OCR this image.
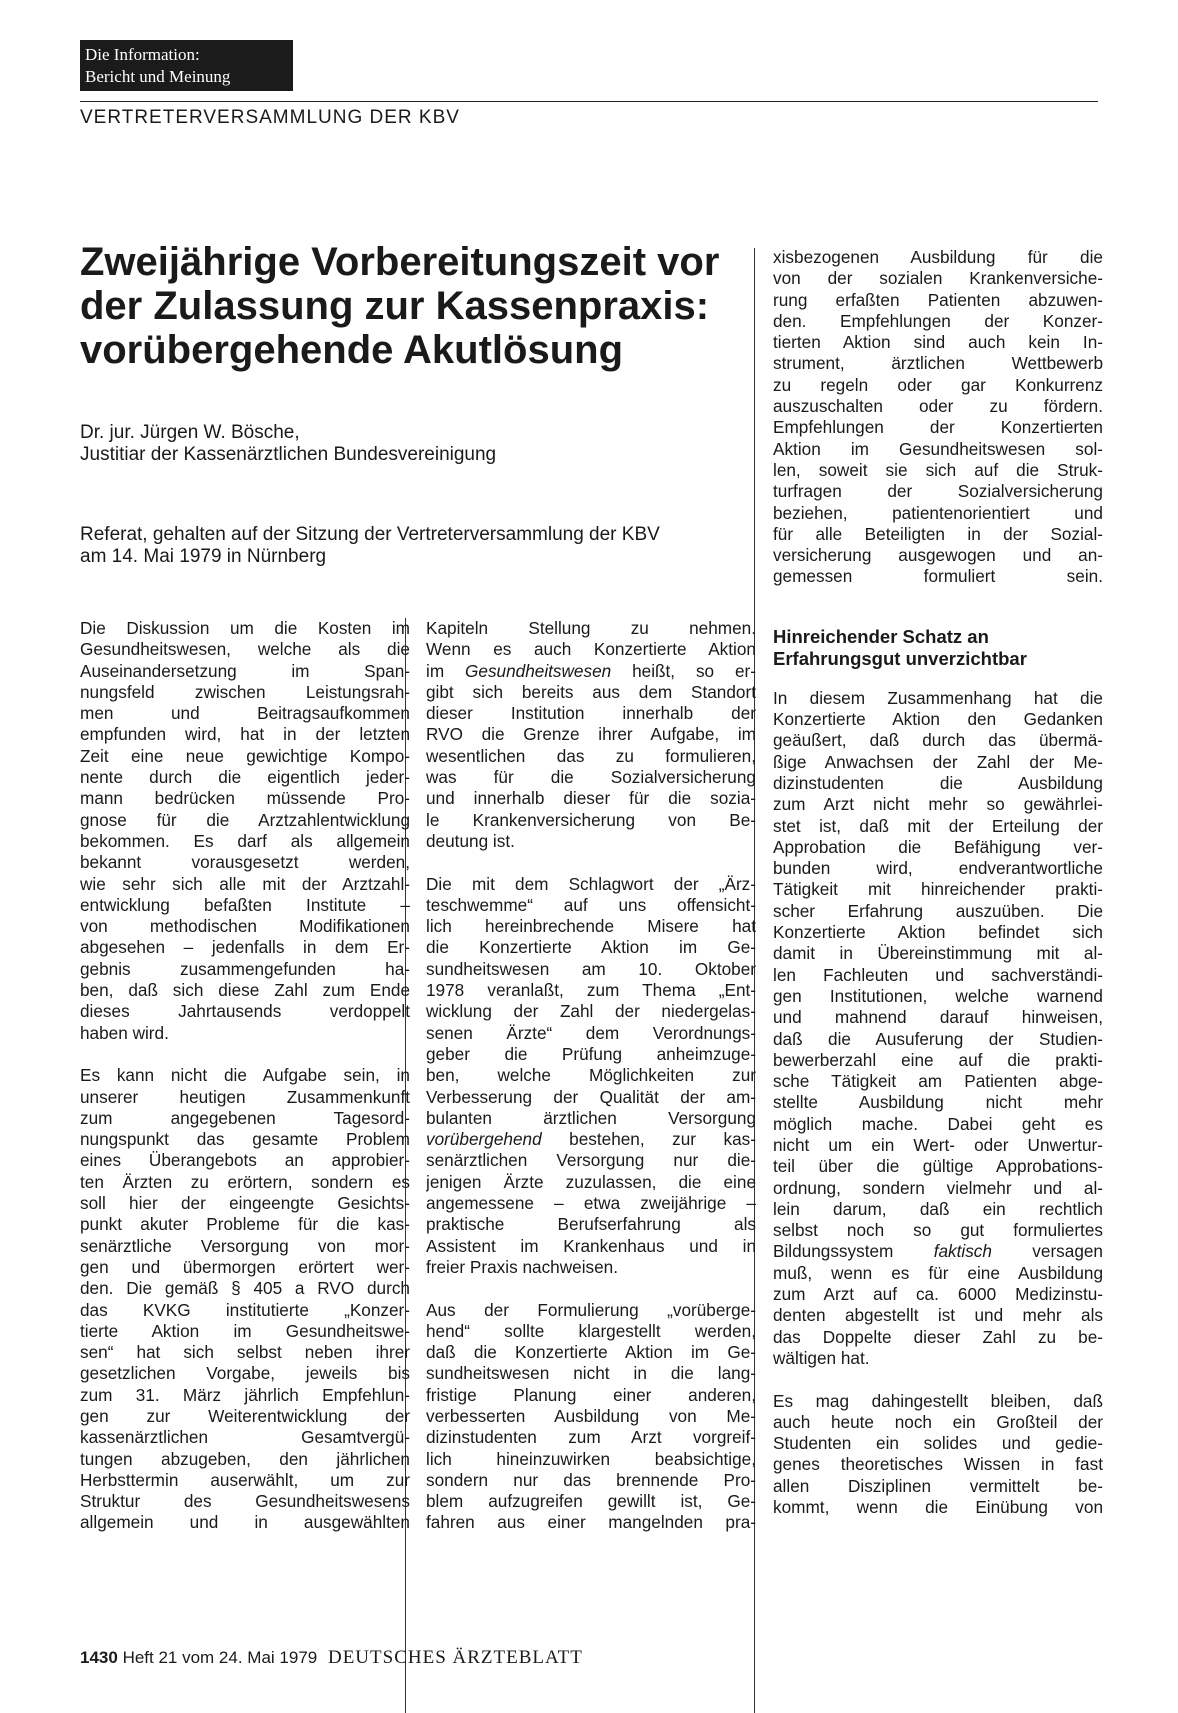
Die Information:
Bericht und Meinung
VERTRETERVERSAMMLUNG DER KBV
Zweijährige Vorbereitungszeit vor
der Zulassung zur Kassenpraxis:
vorübergehende Akutlösung
Dr. jur. Jürgen W. Bösche,
Justitiar der Kassenärztlichen Bundesvereinigung
Referat, gehalten auf der Sitzung der Vertreterversammlung der KBV
am 14. Mai 1979 in Nürnberg
Die Diskussion um die Kosten im
Gesundheitswesen, welche als die
Auseinandersetzung im Span-
nungsfeld zwischen Leistungsrah-
men und Beitragsaufkommen
empfunden wird, hat in der letzten
Zeit eine neue gewichtige Kompo-
nente durch die eigentlich jeder-
mann bedrücken müssende Pro-
gnose für die Arztzahlentwicklung
bekommen. Es darf als allgemein
bekannt vorausgesetzt werden,
wie sehr sich alle mit der Arztzahl-
entwicklung befaßten Institute –
von methodischen Modifikationen
abgesehen – jedenfalls in dem Er-
gebnis zusammengefunden ha-
ben, daß sich diese Zahl zum Ende
dieses Jahrtausends verdoppelt
haben wird.
Es kann nicht die Aufgabe sein, in
unserer heutigen Zusammenkunft
zum angegebenen Tagesord-
nungspunkt das gesamte Problem
eines Überangebots an approbier-
ten Ärzten zu erörtern, sondern es
soll hier der eingeengte Gesichts-
punkt akuter Probleme für die kas-
senärztliche Versorgung von mor-
gen und übermorgen erörtert wer-
den. Die gemäß § 405 a RVO durch
das KVKG institutierte „Konzer-
tierte Aktion im Gesundheitswe-
sen“ hat sich selbst neben ihrer
gesetzlichen Vorgabe, jeweils bis
zum 31. März jährlich Empfehlun-
gen zur Weiterentwicklung der
kassenärztlichen Gesamtvergü-
tungen abzugeben, den jährlichen
Herbsttermin auserwählt, um zur
Struktur des Gesundheitswesens
allgemein und in ausgewählten
Kapiteln Stellung zu nehmen.
Wenn es auch Konzertierte Aktion
im Gesundheitswesen heißt, so er-
gibt sich bereits aus dem Standort
dieser Institution innerhalb der
RVO die Grenze ihrer Aufgabe, im
wesentlichen das zu formulieren,
was für die Sozialversicherung
und innerhalb dieser für die sozia-
le Krankenversicherung von Be-
deutung ist.
Die mit dem Schlagwort der „Ärz-
teschwemme“ auf uns offensicht-
lich hereinbrechende Misere hat
die Konzertierte Aktion im Ge-
sundheitswesen am 10. Oktober
1978 veranlaßt, zum Thema „Ent-
wicklung der Zahl der niedergelas-
senen Ärzte“ dem Verordnungs-
geber die Prüfung anheimzuge-
ben, welche Möglichkeiten zur
Verbesserung der Qualität der am-
bulanten ärztlichen Versorgung
vorübergehend bestehen, zur kas-
senärztlichen Versorgung nur die-
jenigen Ärzte zuzulassen, die eine
angemessene – etwa zweijährige –
praktische Berufserfahrung als
Assistent im Krankenhaus und in
freier Praxis nachweisen.
Aus der Formulierung „vorüberge-
hend“ sollte klargestellt werden,
daß die Konzertierte Aktion im Ge-
sundheitswesen nicht in die lang-
fristige Planung einer anderen,
verbesserten Ausbildung von Me-
dizinstudenten zum Arzt vorgreif-
lich hineinzuwirken beabsichtige,
sondern nur das brennende Pro-
blem aufzugreifen gewillt ist, Ge-
fahren aus einer mangelnden pra-
xisbezogenen Ausbildung für die
von der sozialen Krankenversiche-
rung erfaßten Patienten abzuwen-
den. Empfehlungen der Konzer-
tierten Aktion sind auch kein In-
strument, ärztlichen Wettbewerb
zu regeln oder gar Konkurrenz
auszuschalten oder zu fördern.
Empfehlungen der Konzertierten
Aktion im Gesundheitswesen sol-
len, soweit sie sich auf die Struk-
turfragen der Sozialversicherung
beziehen, patientenorientiert und
für alle Beteiligten in der Sozial-
versicherung ausgewogen und an-
gemessen formuliert sein.
Hinreichender Schatz an
Erfahrungsgut unverzichtbar
In diesem Zusammenhang hat die
Konzertierte Aktion den Gedanken
geäußert, daß durch das übermä-
ßige Anwachsen der Zahl der Me-
dizinstudenten die Ausbildung
zum Arzt nicht mehr so gewährlei-
stet ist, daß mit der Erteilung der
Approbation die Befähigung ver-
bunden wird, endverantwortliche
Tätigkeit mit hinreichender prakti-
scher Erfahrung auszuüben. Die
Konzertierte Aktion befindet sich
damit in Übereinstimmung mit al-
len Fachleuten und sachverständi-
gen Institutionen, welche warnend
und mahnend darauf hinweisen,
daß die Ausuferung der Studien-
bewerberzahl eine auf die prakti-
sche Tätigkeit am Patienten abge-
stellte Ausbildung nicht mehr
möglich mache. Dabei geht es
nicht um ein Wert- oder Unwertur-
teil über die gültige Approbations-
ordnung, sondern vielmehr und al-
lein darum, daß ein rechtlich
selbst noch so gut formuliertes
Bildungssystem faktisch versagen
muß, wenn es für eine Ausbildung
zum Arzt auf ca. 6000 Medizinstu-
denten abgestellt ist und mehr als
das Doppelte dieser Zahl zu be-
wältigen hat.
Es mag dahingestellt bleiben, daß
auch heute noch ein Großteil der
Studenten ein solides und gedie-
genes theoretisches Wissen in fast
allen Disziplinen vermittelt be-
kommt, wenn die Einübung von
1430 Heft 21 vom 24. Mai 1979 DEUTSCHES ÄRZTEBLATT
